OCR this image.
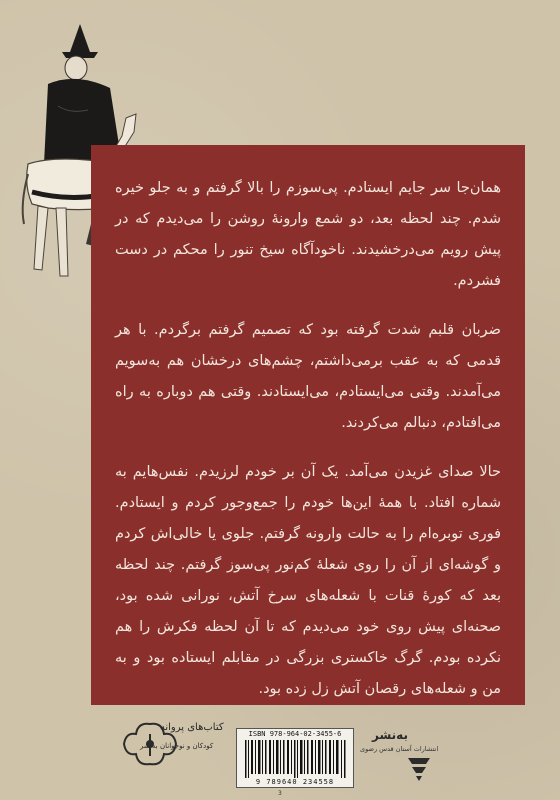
همان‌جا سر جایم ایستادم. پی‌سوزم را بالا گرفتم و به جلو خیره شدم. چند لحظه بعد، دو شمع وارونهٔ روشن را می‌دیدم که در پیش رویم می‌درخشیدند. ناخودآگاه سیخ تنور را محکم در دست فشردم.

ضربان قلبم شدت گرفته بود که تصمیم گرفتم برگردم. با هر قدمی که به عقب برمی‌داشتم، چشم‌های درخشان هم به‌سویم می‌آمدند. وقتی می‌ایستادم، می‌ایستادند. وقتی هم دوباره به راه می‌افتادم، دنبالم می‌کردند.

حالا صدای غزیدن می‌آمد. یک آن بر خودم لرزیدم. نفس‌هایم به شماره افتاد. با همهٔ این‌ها خودم را جمع‌وجور کردم و ایستادم. فوری توبره‌ام را به حالت وارونه گرفتم. جلوی یا خالی‌اش کردم و گوشه‌ای از آن را روی شعلهٔ کم‌نور پی‌سوز گرفتم. چند لحظه بعد که کورهٔ قنات با شعله‌های سرخ آتش، نورانی شده بود، صحنه‌ای پیش روی خود می‌دیدم که تا آن لحظه فکرش را هم نکرده بودم. گرگ خاکستری بزرگی در مقابلم ایستاده بود و به من و شعله‌های رقصان آتش زل زده بود.

کتاب‌های پروانه
کودکان و نوجوانان به‌نشر
ISBN 978-964-02-3455-6
9 789640 234558
به‌نشر
انتشارات آستان قدس رضوی
3
